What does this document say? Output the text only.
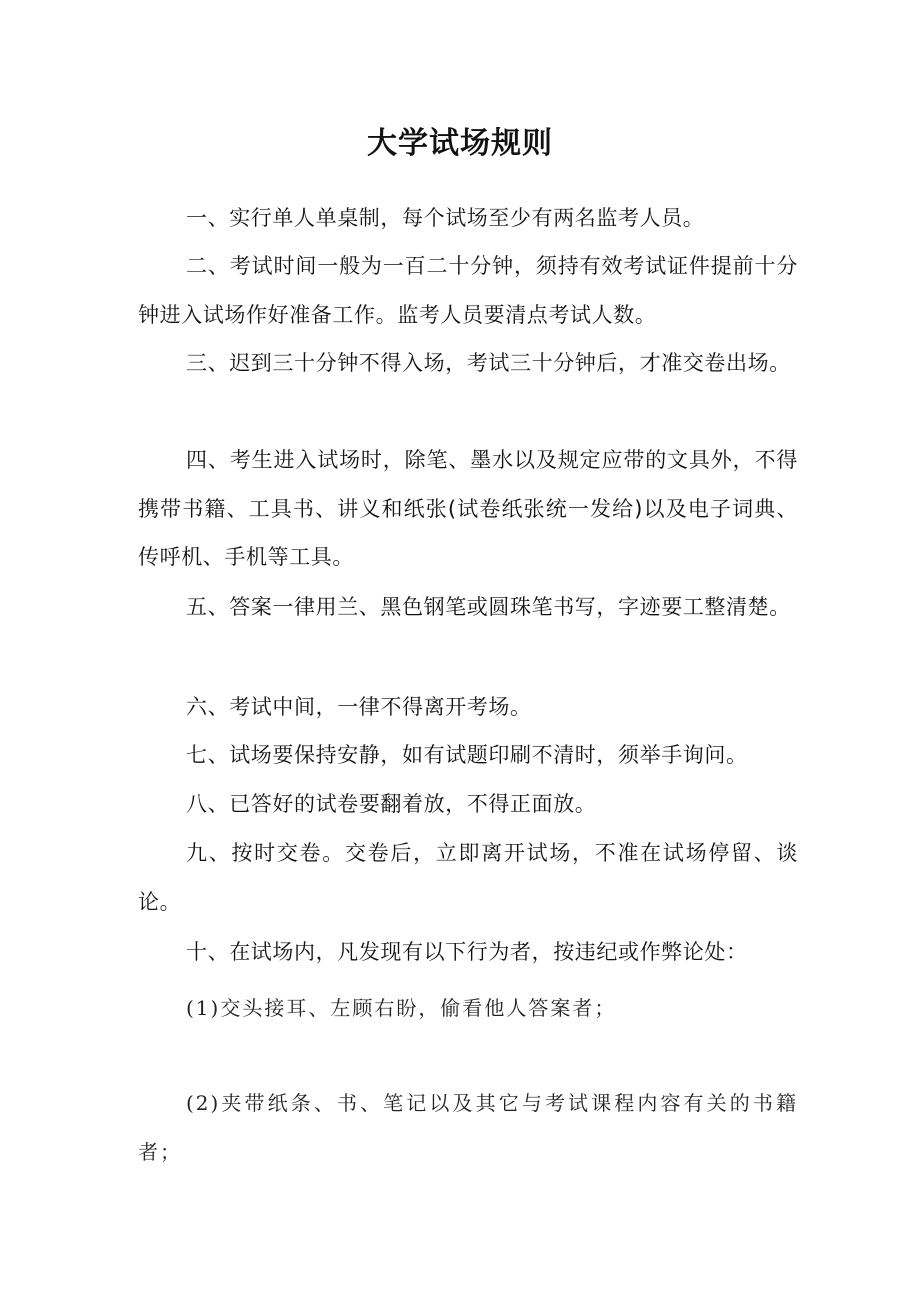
大学试场规则

一、实行单人单桌制，每个试场至少有两名监考人员。

二、考试时间一般为一百二十分钟，须持有效考试证件提前十分钟进入试场作好准备工作。监考人员要清点考试人数。

三、迟到三十分钟不得入场，考试三十分钟后，才准交卷出场。

四、考生进入试场时，除笔、墨水以及规定应带的文具外，不得携带书籍、工具书、讲义和纸张(试卷纸张统一发给)以及电子词典、传呼机、手机等工具。

五、答案一律用兰、黑色钢笔或圆珠笔书写，字迹要工整清楚。

六、考试中间，一律不得离开考场。

七、试场要保持安静，如有试题印刷不清时，须举手询问。

八、已答好的试卷要翻着放，不得正面放。

九、按时交卷。交卷后，立即离开试场，不准在试场停留、谈论。

十、在试场内，凡发现有以下行为者，按违纪或作弊论处：

(1)交头接耳、左顾右盼，偷看他人答案者；

(2)夹带纸条、书、笔记以及其它与考试课程内容有关的书籍者；
